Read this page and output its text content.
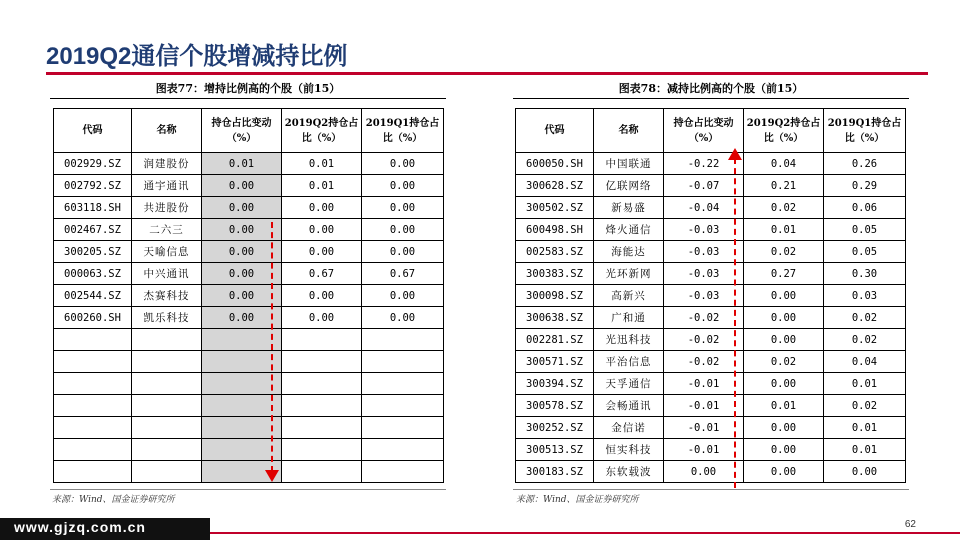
2019Q2通信个股增减持比例
图表77：增持比例高的个股（前15）
代码	名称	持仓占比变动（%）	2019Q2持仓占比（%）	2019Q1持仓占比（%）
002929.SZ	润建股份	0.01	0.01	0.00
002792.SZ	通宇通讯	0.00	0.01	0.00
603118.SH	共进股份	0.00	0.00	0.00
002467.SZ	二六三	0.00	0.00	0.00
300205.SZ	天喻信息	0.00	0.00	0.00
000063.SZ	中兴通讯	0.00	0.67	0.67
002544.SZ	杰赛科技	0.00	0.00	0.00
600260.SH	凯乐科技	0.00	0.00	0.00

来源：Wind、国金证券研究所
图表78：减持比例高的个股（前15）
代码	名称	持仓占比变动（%）	2019Q2持仓占比（%）	2019Q1持仓占比（%）
600050.SH	中国联通	-0.22	0.04	0.26
300628.SZ	亿联网络	-0.07	0.21	0.29
300502.SZ	新易盛	-0.04	0.02	0.06
600498.SH	烽火通信	-0.03	0.01	0.05
002583.SZ	海能达	-0.03	0.02	0.05
300383.SZ	光环新网	-0.03	0.27	0.30
300098.SZ	高新兴	-0.03	0.00	0.03
300638.SZ	广和通	-0.02	0.00	0.02
002281.SZ	光迅科技	-0.02	0.00	0.02
300571.SZ	平治信息	-0.02	0.02	0.04
300394.SZ	天孚通信	-0.01	0.00	0.01
300578.SZ	会畅通讯	-0.01	0.01	0.02
300252.SZ	金信诺	-0.01	0.00	0.01
300513.SZ	恒实科技	-0.01	0.00	0.01
300183.SZ	东软载波	0.00	0.00	0.00
来源：Wind、国金证券研究所
www.gjzq.com.cn	62
